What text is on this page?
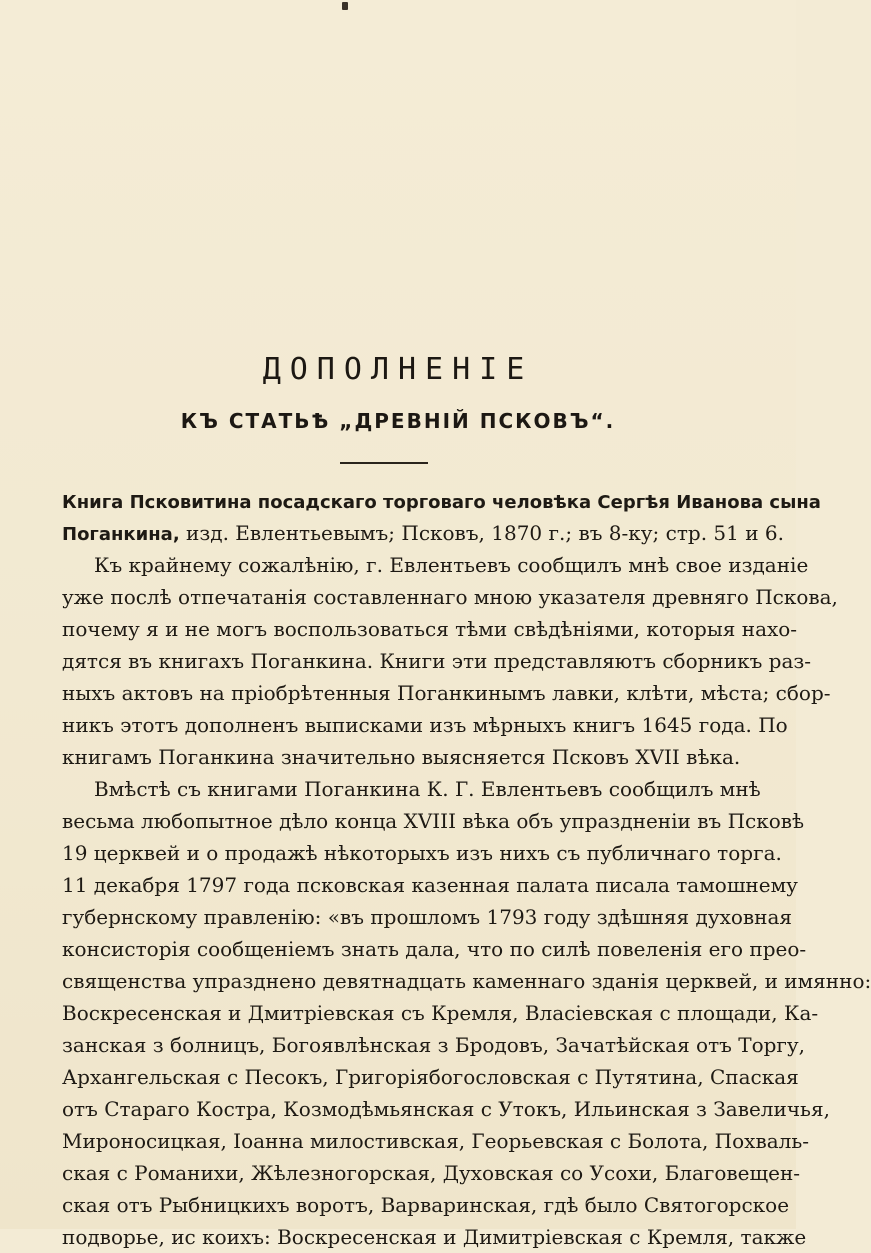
ДОПОЛНЕНІЕ
КЪ СТАТЬѢ „ДРЕВНІЙ ПСКОВЪ“.
Книга Псковитина посадскаго торговаго человѣка Сергѣя Иванова сына
Поганкина, изд. Евлентьевымъ; Псковъ, 1870 г.; въ 8-ку; стр. 51 и 6.
Къ крайнему сожалѣнію, г. Евлентьевъ сообщилъ мнѣ свое изданіе
уже послѣ отпечатанія составленнаго мною указателя древняго Пскова,
почему я и не могъ воспользоваться тѣми свѣдѣніями, которыя нахо-
дятся въ книгахъ Поганкина. Книги эти представляютъ сборникъ раз-
ныхъ актовъ на пріобрѣтенныя Поганкинымъ лавки, клѣти, мѣста; сбор-
никъ этотъ дополненъ выписками изъ мѣрныхъ книгъ 1645 года. По
книгамъ Поганкина значительно выясняется Псковъ XVII вѣка.
Вмѣстѣ съ книгами Поганкина К. Г. Евлентьевъ сообщилъ мнѣ
весьма любопытное дѣло конца XVIII вѣка объ упраздненіи въ Псковѣ
19 церквей и о продажѣ нѣкоторыхъ изъ нихъ съ публичнаго торга.
11 декабря 1797 года псковская казенная палата писала тамошнему
губернскому правленію: «въ прошломъ 1793 году здѣшняя духовная
консисторія сообщеніемъ знать дала, что по силѣ повеленія его прео-
священства упразднено девятнадцать каменнаго зданія церквей, и имянно:
Воскресенская и Дмитріевская съ Кремля, Власіевская с площади, Ка-
занская з болницъ, Богоявлѣнская з Бродовъ, Зачатѣйская отъ Торгу,
Архангельская с Песокъ, Григоріябогословская с Путятина, Спаская
отъ Стараго Костра, Козмодѣмьянская с Утокъ, Ильинская з Завеличья,
Мироносицкая, Іоанна милостивская, Георьевская с Болота, Похваль-
ская с Романихи, Жѣлезногорская, Духовская со Усохи, Благовещен-
ская отъ Рыбницкихъ воротъ, Варваринская, гдѣ было Святогорское
подворье, ис коихъ: Воскресенская и Димитріевская с Кремля, также
